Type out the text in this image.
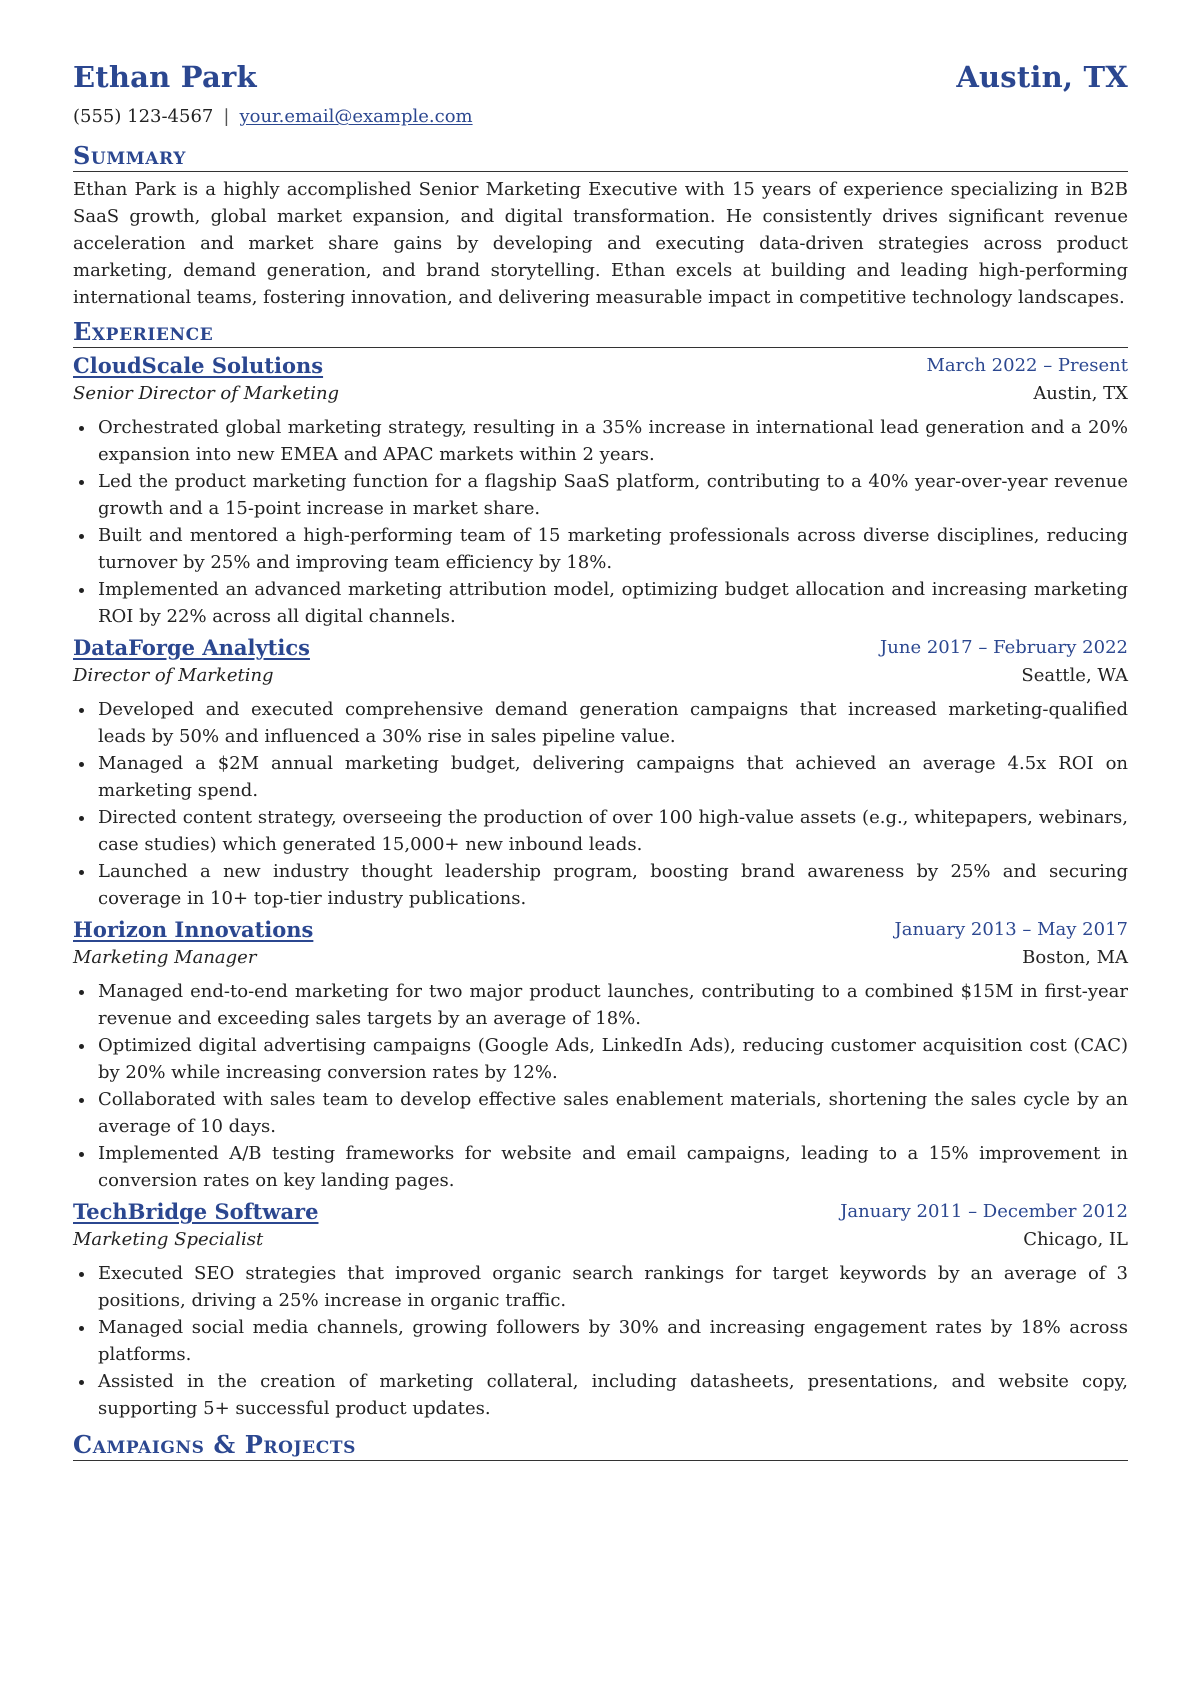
Ethan Park	Austin, TX
(555) 123-4567 | your.email@example.com
Summary
Ethan Park is a highly accomplished Senior Marketing Executive with 15 years of experience specializing in B2B SaaS growth, global market expansion, and digital transformation. He consistently drives significant revenue acceleration and market share gains by developing and executing data-driven strategies across product marketing, demand generation, and brand storytelling. Ethan excels at building and leading high-performing international teams, fostering innovation, and delivering measurable impact in competitive technology landscapes.
Experience
CloudScale Solutions	March 2022 – Present
Senior Director of Marketing	Austin, TX
Orchestrated global marketing strategy, resulting in a 35% increase in international lead generation and a 20% expansion into new EMEA and APAC markets within 2 years.
Led the product marketing function for a flagship SaaS platform, contributing to a 40% year-over-year revenue growth and a 15-point increase in market share.
Built and mentored a high-performing team of 15 marketing professionals across diverse disciplines, reducing turnover by 25% and improving team efficiency by 18%.
Implemented an advanced marketing attribution model, optimizing budget allocation and increasing marketing ROI by 22% across all digital channels.
DataForge Analytics	June 2017 – February 2022
Director of Marketing	Seattle, WA
Developed and executed comprehensive demand generation campaigns that increased marketing-qualified leads by 50% and influenced a 30% rise in sales pipeline value.
Managed a $2M annual marketing budget, delivering campaigns that achieved an average 4.5x ROI on marketing spend.
Directed content strategy, overseeing the production of over 100 high-value assets (e.g., whitepapers, webinars, case studies) which generated 15,000+ new inbound leads.
Launched a new industry thought leadership program, boosting brand awareness by 25% and securing coverage in 10+ top-tier industry publications.
Horizon Innovations	January 2013 – May 2017
Marketing Manager	Boston, MA
Managed end-to-end marketing for two major product launches, contributing to a combined $15M in first-year revenue and exceeding sales targets by an average of 18%.
Optimized digital advertising campaigns (Google Ads, LinkedIn Ads), reducing customer acquisition cost (CAC) by 20% while increasing conversion rates by 12%.
Collaborated with sales team to develop effective sales enablement materials, shortening the sales cycle by an average of 10 days.
Implemented A/B testing frameworks for website and email campaigns, leading to a 15% improvement in conversion rates on key landing pages.
TechBridge Software	January 2011 – December 2012
Marketing Specialist	Chicago, IL
Executed SEO strategies that improved organic search rankings for target keywords by an average of 3 positions, driving a 25% increase in organic traffic.
Managed social media channels, growing followers by 30% and increasing engagement rates by 18% across platforms.
Assisted in the creation of marketing collateral, including datasheets, presentations, and website copy, supporting 5+ successful product updates.
Campaigns & Projects
